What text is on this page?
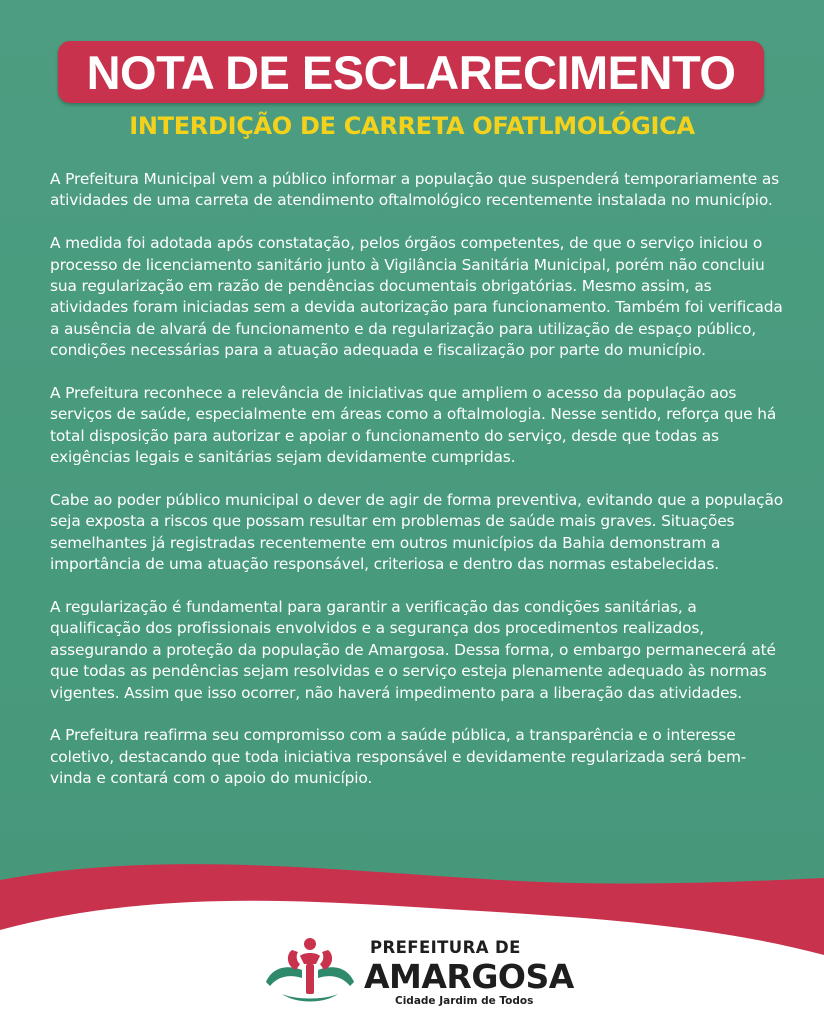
NOTA DE ESCLARECIMENTO
INTERDIÇÃO DE CARRETA OFATLMOLÓGICA

A Prefeitura Municipal vem a público informar a população que suspenderá temporariamente as atividades de uma carreta de atendimento oftalmológico recentemente instalada no município.

A medida foi adotada após constatação, pelos órgãos competentes, de que o serviço iniciou o processo de licenciamento sanitário junto à Vigilância Sanitária Municipal, porém não concluiu sua regularização em razão de pendências documentais obrigatórias. Mesmo assim, as atividades foram iniciadas sem a devida autorização para funcionamento. Também foi verificada a ausência de alvará de funcionamento e da regularização para utilização de espaço público, condições necessárias para a atuação adequada e fiscalização por parte do município.

A Prefeitura reconhece a relevância de iniciativas que ampliem o acesso da população aos serviços de saúde, especialmente em áreas como a oftalmologia. Nesse sentido, reforça que há total disposição para autorizar e apoiar o funcionamento do serviço, desde que todas as exigências legais e sanitárias sejam devidamente cumpridas.

Cabe ao poder público municipal o dever de agir de forma preventiva, evitando que a população seja exposta a riscos que possam resultar em problemas de saúde mais graves. Situações semelhantes já registradas recentemente em outros municípios da Bahia demonstram a importância de uma atuação responsável, criteriosa e dentro das normas estabelecidas.

A regularização é fundamental para garantir a verificação das condições sanitárias, a qualificação dos profissionais envolvidos e a segurança dos procedimentos realizados, assegurando a proteção da população de Amargosa. Dessa forma, o embargo permanecerá até que todas as pendências sejam resolvidas e o serviço esteja plenamente adequado às normas vigentes. Assim que isso ocorrer, não haverá impedimento para a liberação das atividades.

A Prefeitura reafirma seu compromisso com a saúde pública, a transparência e o interesse coletivo, destacando que toda iniciativa responsável e devidamente regularizada será bem-vinda e contará com o apoio do município.

PREFEITURA DE
AMARGOSA
Cidade Jardim de Todos
